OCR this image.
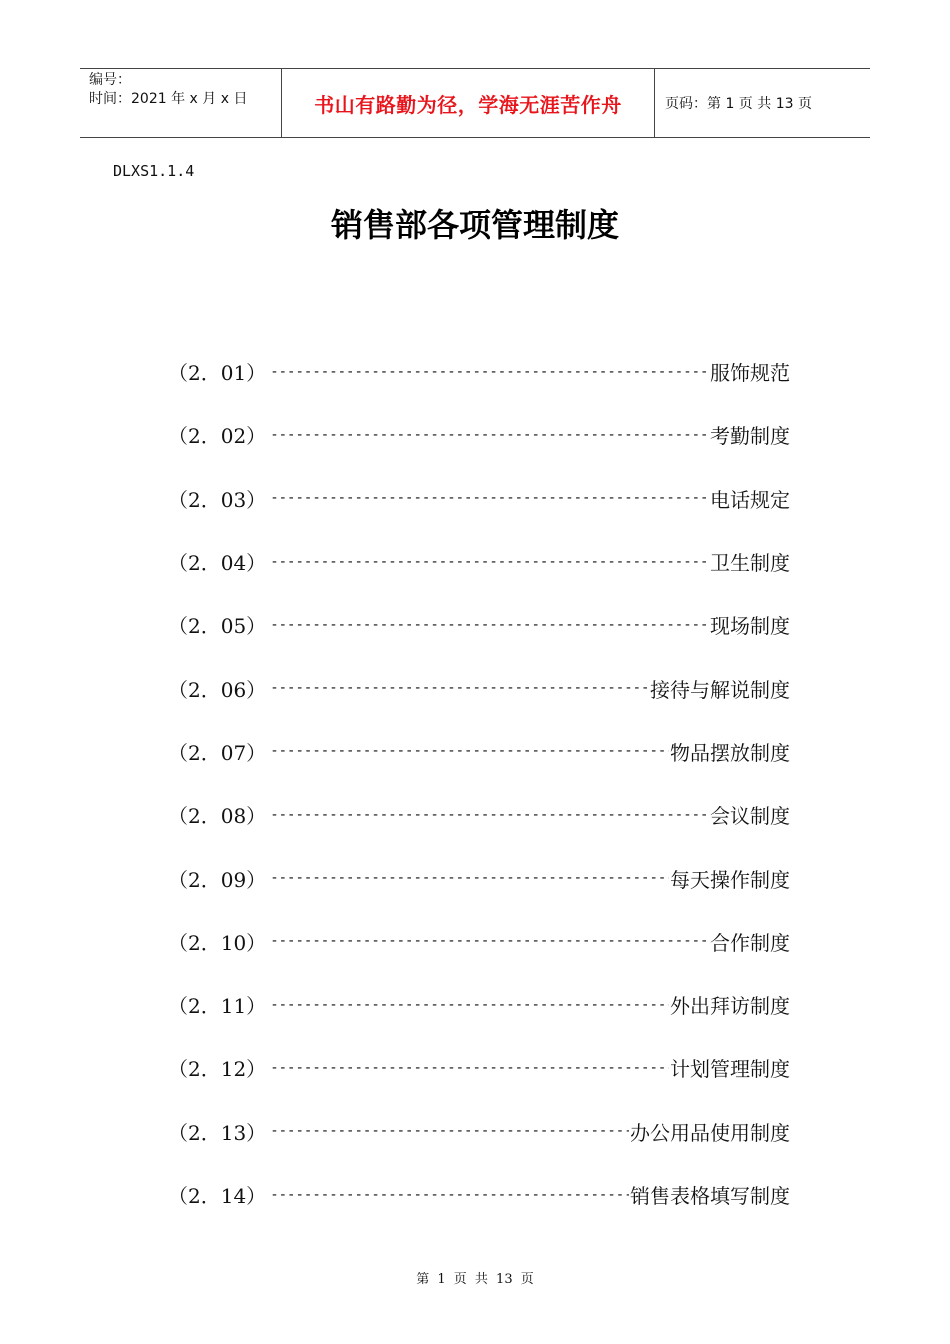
编号：
时间：2021 年 x 月 x 日	书山有路勤为径，学海无涯苦作舟	页码：第 1 页 共 13 页
DLXS1.1.4
销售部各项管理制度
（2．01） -----	服饰规范
（2．02） -----	考勤制度
（2．03） -----	电话规定
（2．04） -----	卫生制度
（2．05） -----	现场制度
（2．06） -----	接待与解说制度
（2．07） -----	物品摆放制度
（2．08） -----	会议制度
（2．09） -----	每天操作制度
（2．10） -----	合作制度
（2．11） -----	外出拜访制度
（2．12） -----	计划管理制度
（2．13） -----	办公用品使用制度
（2．14） -----	销售表格填写制度
第 1 页 共 13 页
